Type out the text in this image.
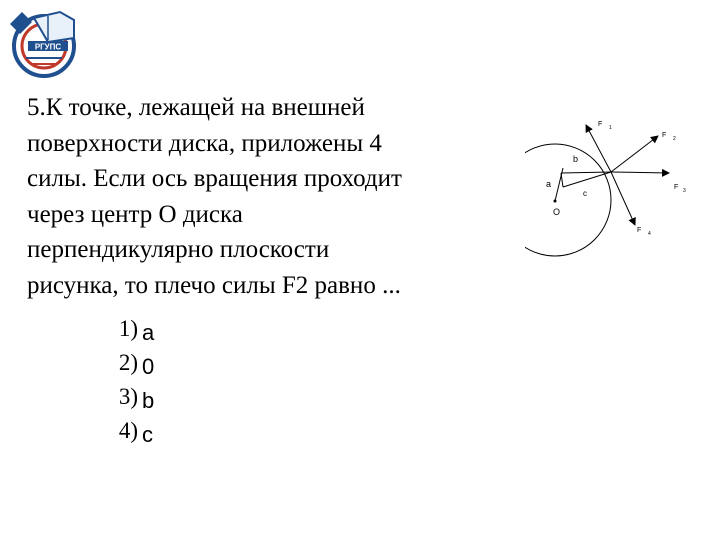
РГУПС

5.К точке, лежащей на внешней
поверхности диска, приложены 4
силы. Если ось вращения проходит
через центр О диска
перпендикулярно плоскости
рисунка, то плечо силы F2 равно ...

1) a
2) 0
3) b
4) c
a
O
b
c
F 1
F 2
F 3
F 4
